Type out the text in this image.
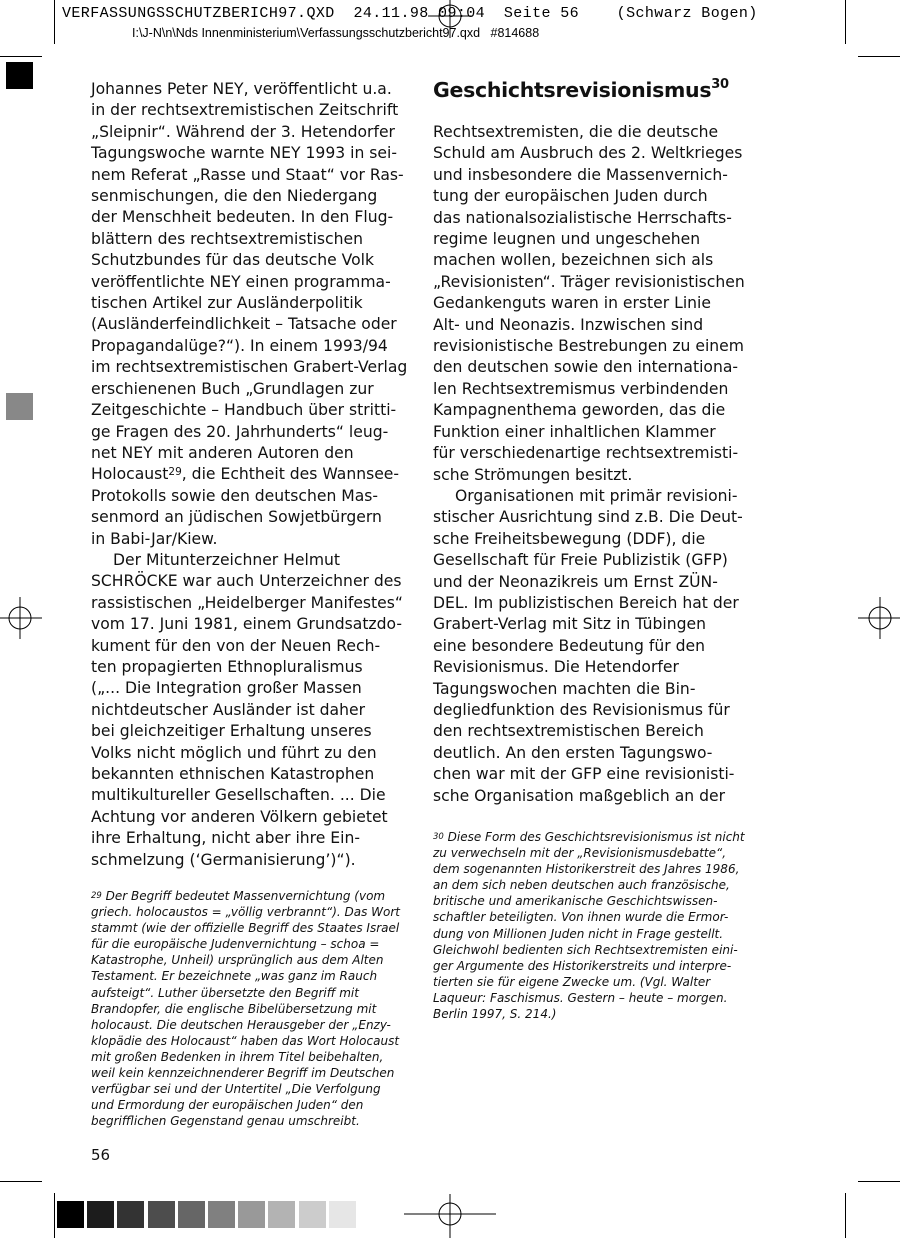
VERFASSUNGSSCHUTZBERICH97.QXD  24.11.98 09:04  Seite 56    (Schwarz Bogen)
I:\J-N\n\Nds Innenministerium\Verfassungsschutzbericht97.qxd   #814688

Johannes Peter NEY, veröffentlicht u.a.
in der rechtsextremistischen Zeitschrift
„Sleipnir“. Während der 3. Hetendorfer
Tagungswoche warnte NEY 1993 in sei-
nem Referat „Rasse und Staat“ vor Ras-
senmischungen, die den Niedergang
der Menschheit bedeuten. In den Flug-
blättern des rechtsextremistischen
Schutzbundes für das deutsche Volk
veröffentlichte NEY einen programma-
tischen Artikel zur Ausländerpolitik
(Ausländerfeindlichkeit – Tatsache oder
Propagandalüge?“). In einem 1993/94
im rechtsextremistischen Grabert-Verlag
erschienenen Buch „Grundlagen zur
Zeitgeschichte – Handbuch über stritti-
ge Fragen des 20. Jahrhunderts“ leug-
net NEY mit anderen Autoren den
Holocaust$^{29}$, die Echtheit des Wannsee-
Protokolls sowie den deutschen Mas-
senmord an jüdischen Sowjetbürgern
in Babi-Jar/Kiew.

Der Mitunterzeichner Helmut
SCHRÖCKE war auch Unterzeichner des
rassistischen „Heidelberger Manifestes“
vom 17. Juni 1981, einem Grundsatzdo-
kument für den von der Neuen Rech-
ten propagierten Ethnopluralismus
(„... Die Integration großer Massen
nichtdeutscher Ausländer ist daher
bei gleichzeitiger Erhaltung unseres
Volks nicht möglich und führt zu den
bekannten ethnischen Katastrophen
multikultureller Gesellschaften. ... Die
Achtung vor anderen Völkern gebietet
ihre Erhaltung, nicht aber ihre Ein-
schmelzung (‘Germanisierung’)“).

$^{29}$ Der Begriff bedeutet Massenvernichtung (vom
griech. holocaustos = „völlig verbrannt“). Das Wort
stammt (wie der offizielle Begriff des Staates Israel
für die europäische Judenvernichtung – schoa =
Katastrophe, Unheil) ursprünglich aus dem Alten
Testament. Er bezeichnete „was ganz im Rauch
aufsteigt“. Luther übersetzte den Begriff mit
Brandopfer, die englische Bibelübersetzung mit
holocaust. Die deutschen Herausgeber der „Enzy-
klopädie des Holocaust“ haben das Wort Holocaust
mit großen Bedenken in ihrem Titel beibehalten,
weil kein kennzeichnenderer Begriff im Deutschen
verfügbar sei und der Untertitel „Die Verfolgung
und Ermordung der europäischen Juden“ den
begrifflichen Gegenstand genau umschreibt.
Geschichtsrevisionismus$^{30}$

Rechtsextremisten, die die deutsche
Schuld am Ausbruch des 2. Weltkrieges
und insbesondere die Massenvernich-
tung der europäischen Juden durch
das nationalsozialistische Herrschafts-
regime leugnen und ungeschehen
machen wollen, bezeichnen sich als
„Revisionisten“. Träger revisionistischen
Gedankenguts waren in erster Linie
Alt- und Neonazis. Inzwischen sind
revisionistische Bestrebungen zu einem
den deutschen sowie den internationa-
len Rechtsextremismus verbindenden
Kampagnenthema geworden, das die
Funktion einer inhaltlichen Klammer
für verschiedenartige rechtsextremisti-
sche Strömungen besitzt.

Organisationen mit primär revisioni-
stischer Ausrichtung sind z.B. Die Deut-
sche Freiheitsbewegung (DDF), die
Gesellschaft für Freie Publizistik (GFP)
und der Neonazikreis um Ernst ZÜN-
DEL. Im publizistischen Bereich hat der
Grabert-Verlag mit Sitz in Tübingen
eine besondere Bedeutung für den
Revisionismus. Die Hetendorfer
Tagungswochen machten die Bin-
degliedfunktion des Revisionismus für
den rechtsextremistischen Bereich
deutlich. An den ersten Tagungswo-
chen war mit der GFP eine revisionisti-
sche Organisation maßgeblich an der

$^{30}$ Diese Form des Geschichtsrevisionismus ist nicht
zu verwechseln mit der „Revisionismusdebatte“,
dem sogenannten Historikerstreit des Jahres 1986,
an dem sich neben deutschen auch französische,
britische und amerikanische Geschichtswissen-
schaftler beteiligten. Von ihnen wurde die Ermor-
dung von Millionen Juden nicht in Frage gestellt.
Gleichwohl bedienten sich Rechtsextremisten eini-
ger Argumente des Historikerstreits und interpre-
tierten sie für eigene Zwecke um. (Vgl. Walter
Laqueur: Faschismus. Gestern – heute – morgen.
Berlin 1997, S. 214.)
56
